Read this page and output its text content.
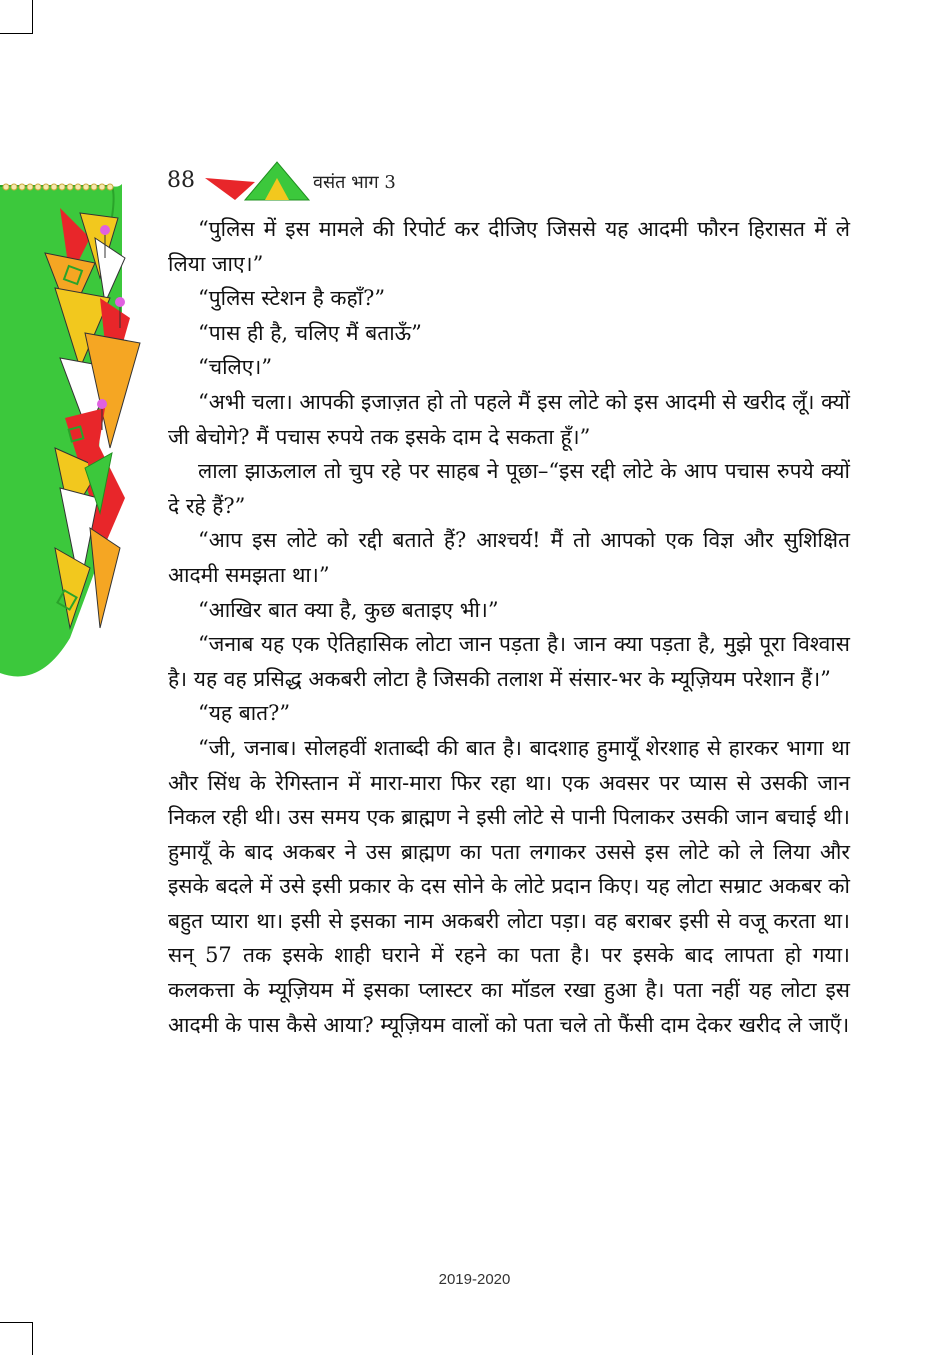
88	वसंत भाग 3

“पुलिस में इस मामले की रिपोर्ट कर दीजिए जिससे यह आदमी फौरन हिरासत में ले लिया जाए।”

“पुलिस स्टेशन है कहाँ?”

“पास ही है, चलिए मैं बताऊँ”

“चलिए।”

“अभी चला। आपकी इजाज़त हो तो पहले मैं इस लोटे को इस आदमी से खरीद लूँ। क्यों जी बेचोगे? मैं पचास रुपये तक इसके दाम दे सकता हूँ।”

लाला झाऊलाल तो चुप रहे पर साहब ने पूछा–“इस रद्दी लोटे के आप पचास रुपये क्यों दे रहे हैं?”

“आप इस लोटे को रद्दी बताते हैं? आश्चर्य! मैं तो आपको एक विज्ञ और सुशिक्षित आदमी समझता था।”

“आखिर बात क्या है, कुछ बताइए भी।”

“जनाब यह एक ऐतिहासिक लोटा जान पड़ता है। जान क्या पड़ता है, मुझे पूरा विश्वास है। यह वह प्रसिद्ध अकबरी लोटा है जिसकी तलाश में संसार-भर के म्यूज़ियम परेशान हैं।”

“यह बात?”

“जी, जनाब। सोलहवीं शताब्दी की बात है। बादशाह हुमायूँ शेरशाह से हारकर भागा था और सिंध के रेगिस्तान में मारा-मारा फिर रहा था। एक अवसर पर प्यास से उसकी जान निकल रही थी। उस समय एक ब्राह्मण ने इसी लोटे से पानी पिलाकर उसकी जान बचाई थी। हुमायूँ के बाद अकबर ने उस ब्राह्मण का पता लगाकर उससे इस लोटे को ले लिया और इसके बदले में उसे इसी प्रकार के दस सोने के लोटे प्रदान किए। यह लोटा सम्राट अकबर को बहुत प्यारा था। इसी से इसका नाम अकबरी लोटा पड़ा। वह बराबर इसी से वजू करता था। सन् 57 तक इसके शाही घराने में रहने का पता है। पर इसके बाद लापता हो गया। कलकत्ता के म्यूज़ियम में इसका प्लास्टर का मॉडल रखा हुआ है। पता नहीं यह लोटा इस आदमी के पास कैसे आया? म्यूज़ियम वालों को पता चले तो फैंसी दाम देकर खरीद ले जाएँ।

2019-2020
